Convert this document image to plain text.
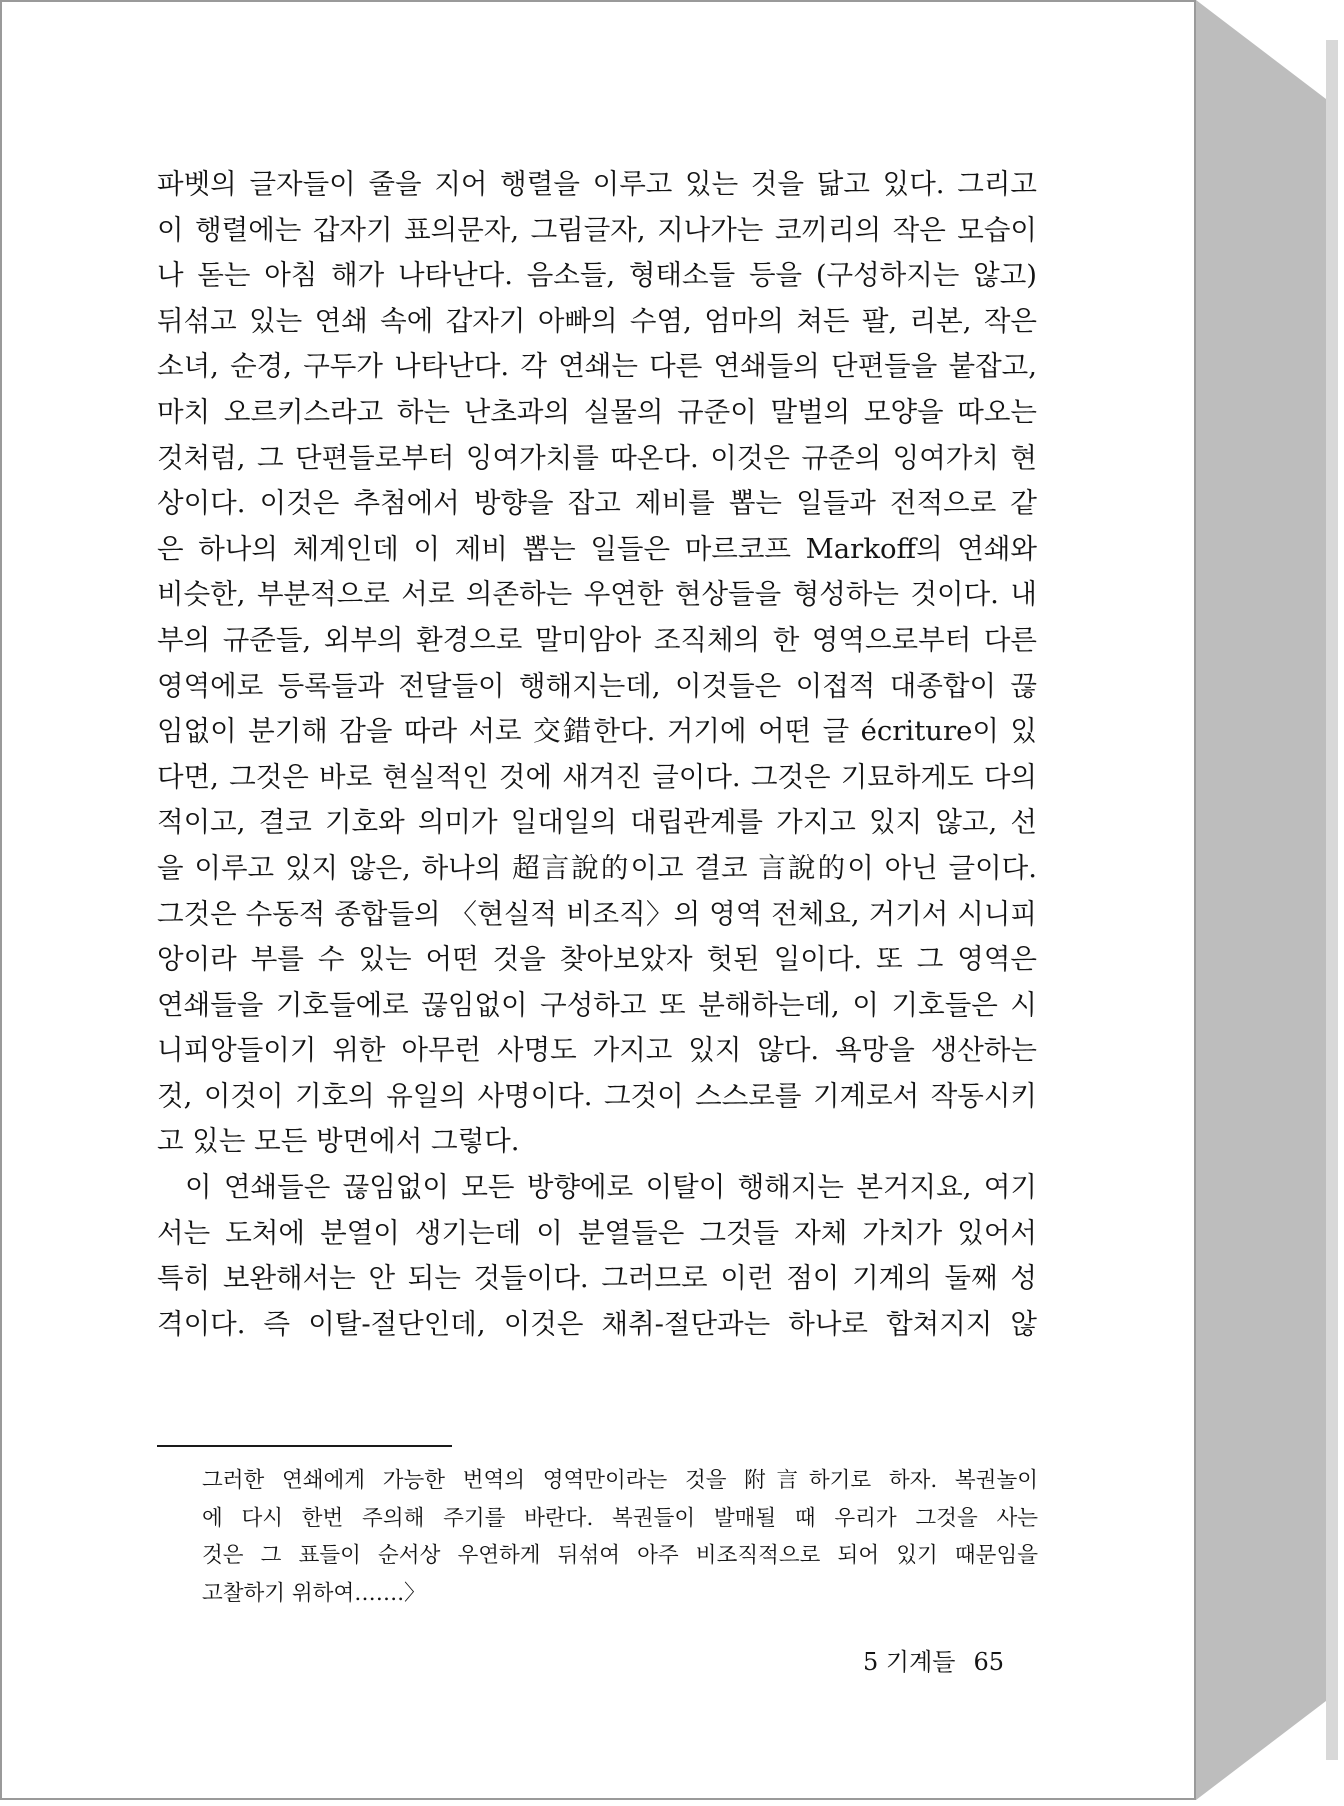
파벳의 글자들이 줄을 지어 행렬을 이루고 있는 것을 닮고 있다. 그리고
이 행렬에는 갑자기 표의문자, 그림글자, 지나가는 코끼리의 작은 모습이
나 돋는 아침 해가 나타난다. 음소들, 형태소들 등을 (구성하지는 않고)
뒤섞고 있는 연쇄 속에 갑자기 아빠의 수염, 엄마의 쳐든 팔, 리본, 작은
소녀, 순경, 구두가 나타난다. 각 연쇄는 다른 연쇄들의 단편들을 붙잡고,
마치 오르키스라고 하는 난초과의 실물의 규준이 말벌의 모양을 따오는
것처럼, 그 단편들로부터 잉여가치를 따온다. 이것은 규준의 잉여가치 현
상이다. 이것은 추첨에서 방향을 잡고 제비를 뽑는 일들과 전적으로 같
은 하나의 체계인데 이 제비 뽑는 일들은 마르코프 Markoff의 연쇄와
비슷한, 부분적으로 서로 의존하는 우연한 현상들을 형성하는 것이다. 내
부의 규준들, 외부의 환경으로 말미암아 조직체의 한 영역으로부터 다른
영역에로 등록들과 전달들이 행해지는데, 이것들은 이접적 대종합이 끊
임없이 분기해 감을 따라 서로 交錯한다. 거기에 어떤 글 écriture이 있
다면, 그것은 바로 현실적인 것에 새겨진 글이다. 그것은 기묘하게도 다의
적이고, 결코 기호와 의미가 일대일의 대립관계를 가지고 있지 않고, 선
을 이루고 있지 않은, 하나의 超言說的이고 결코 言說的이 아닌 글이다.
그것은 수동적 종합들의 〈현실적 비조직〉의 영역 전체요, 거기서 시니피
앙이라 부를 수 있는 어떤 것을 찾아보았자 헛된 일이다. 또 그 영역은
연쇄들을 기호들에로 끊임없이 구성하고 또 분해하는데, 이 기호들은 시
니피앙들이기 위한 아무런 사명도 가지고 있지 않다. 욕망을 생산하는
것, 이것이 기호의 유일의 사명이다. 그것이 스스로를 기계로서 작동시키
고 있는 모든 방면에서 그렇다.
이 연쇄들은 끊임없이 모든 방향에로 이탈이 행해지는 본거지요, 여기
서는 도처에 분열이 생기는데 이 분열들은 그것들 자체 가치가 있어서
특히 보완해서는 안 되는 것들이다. 그러므로 이런 점이 기계의 둘째 성
격이다. 즉 이탈-절단인데, 이것은 채취-절단과는 하나로 합쳐지지 않
그러한 연쇄에게 가능한 번역의 영역만이라는 것을 附言하기로 하자. 복권놀이
에 다시 한번 주의해 주기를 바란다. 복권들이 발매될 때 우리가 그것을 사는
것은 그 표들이 순서상 우연하게 뒤섞여 아주 비조직적으로 되어 있기 때문임을
고찰하기 위하여…….〉
5 기계들 65
